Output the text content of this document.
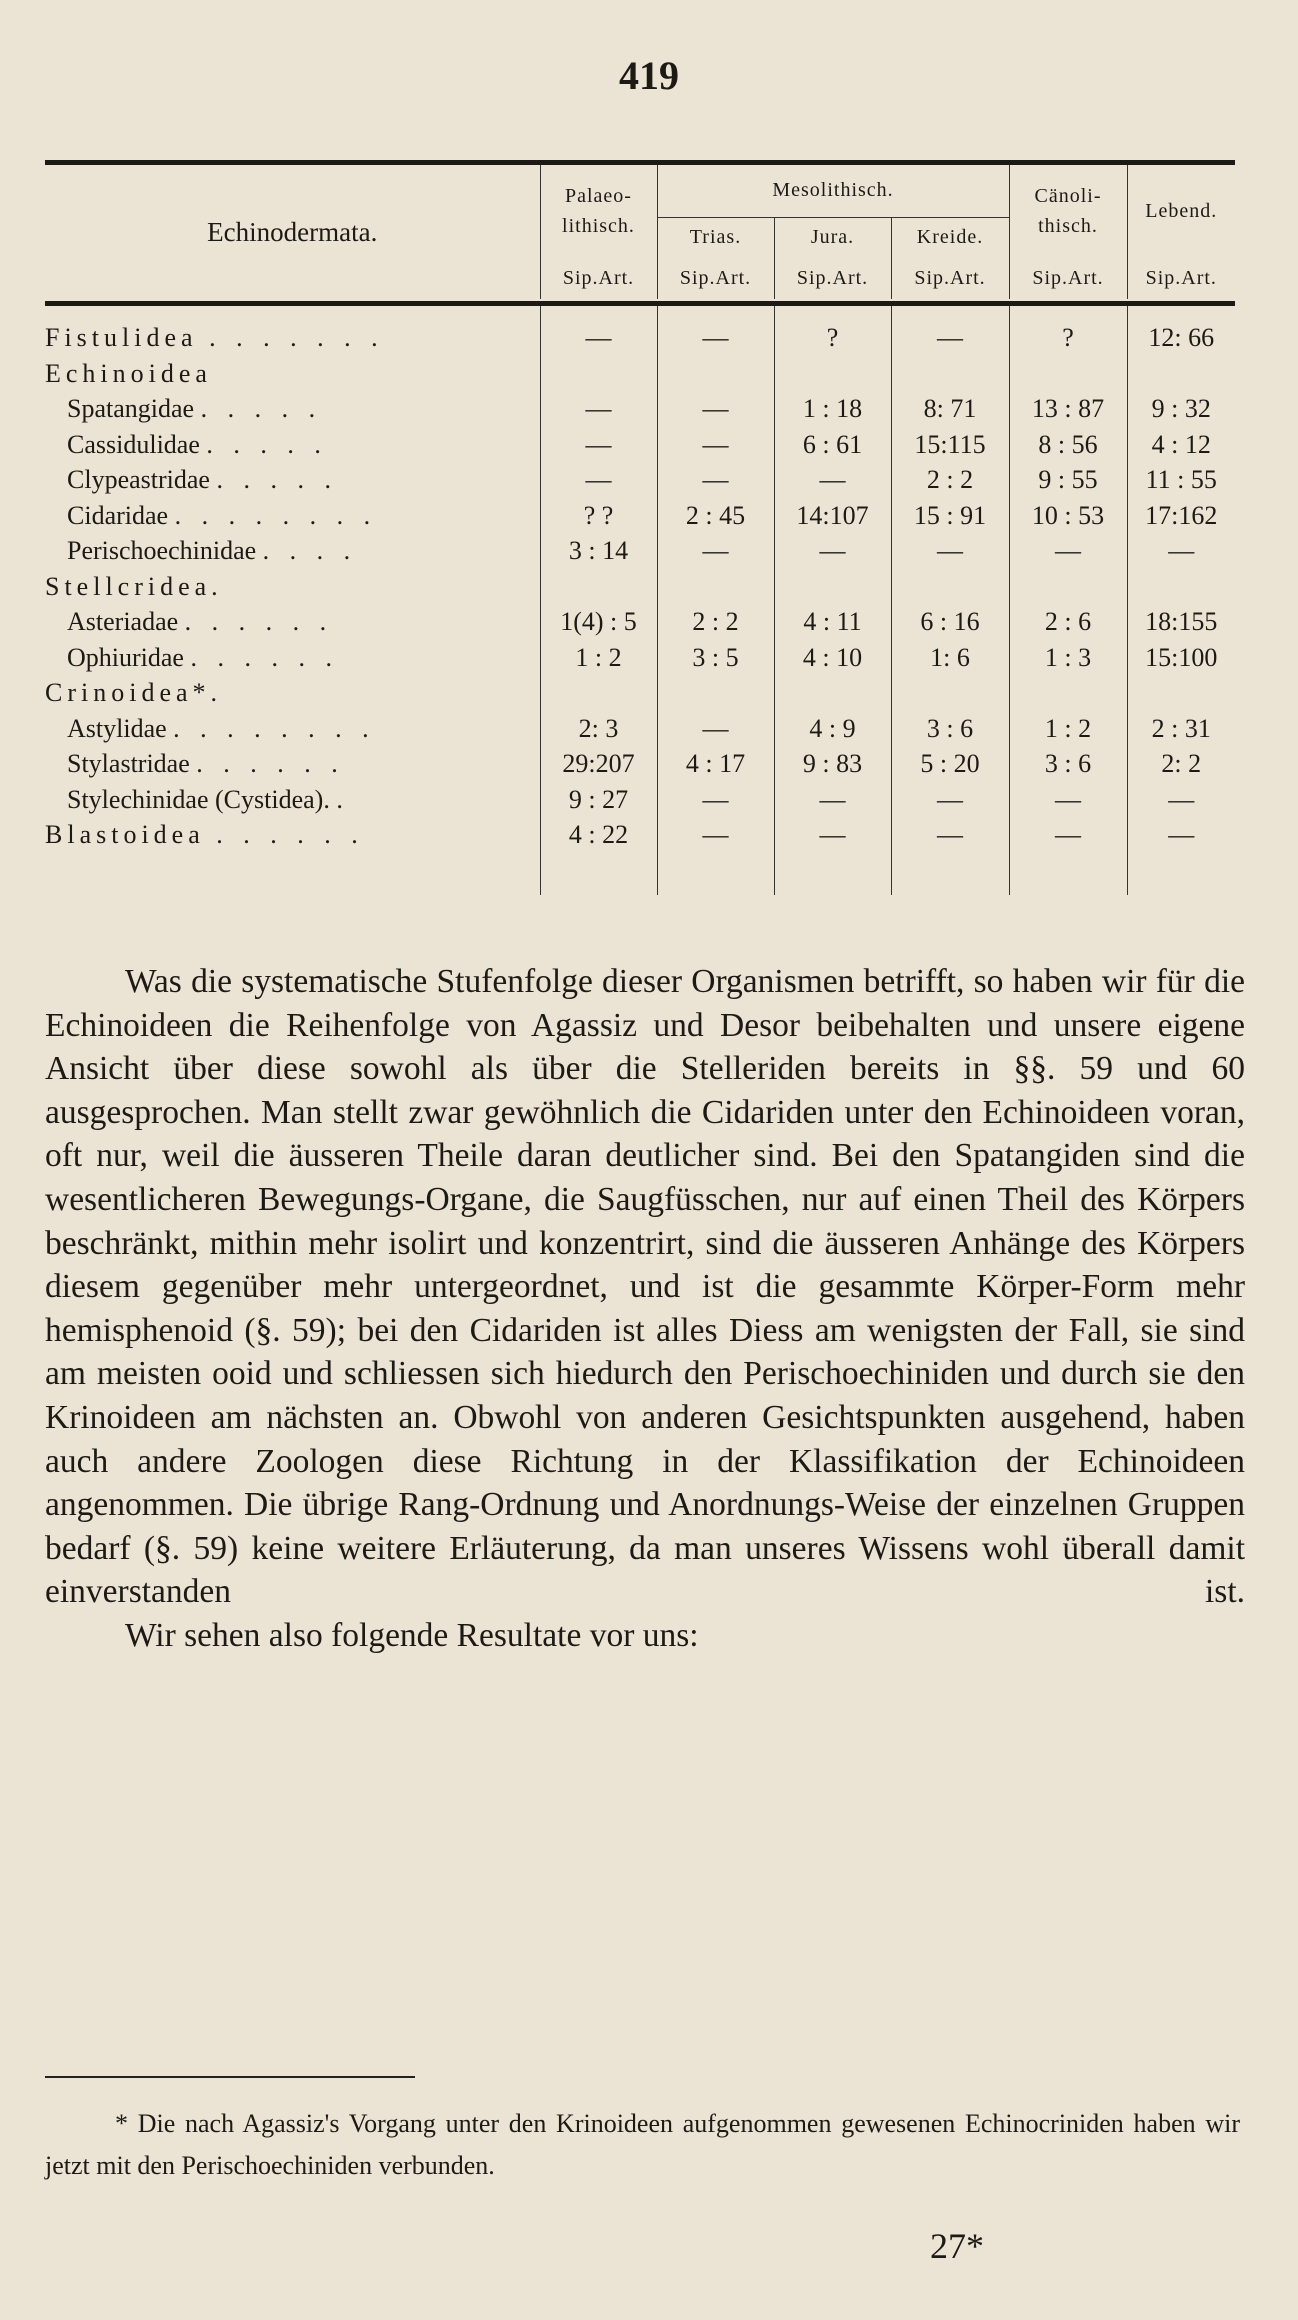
419
Echinodermata.	Palaeo-lithisch.	Mesolithisch.			Cänoli-thisch.	Lebend.
		Trias.	Jura.	Kreide.		
	Sip.Art.	Sip.Art.	Sip.Art.	Sip.Art.	Sip.Art.	Sip.Art.

Fistulidea . . . . . . .	—	—	?	—	?	12: 66
Echinoidea						
Spatangidae . . . . .	—	—	1 : 18	8: 71	13 : 87	9 : 32
Cassidulidae . . . . .	—	—	6 : 61	15:115	8 : 56	4 : 12
Clypeastridae . . . . .	—	—	—	2 : 2	9 : 55	11 : 55
Cidaridae . . . . . . . .	? ?	2 : 45	14:107	15 : 91	10 : 53	17:162
Perischoechinidae . . . .	3 : 14	—	—	—	—	—
Stellcridea.						
Asteriadae . . . . . .	1(4) : 5	2 : 2	4 : 11	6 : 16	2 : 6	18:155
Ophiuridae . . . . . .	1 : 2	3 : 5	4 : 10	1: 6	1 : 3	15:100
Crinoidea*.						
Astylidae . . . . . . . .	2: 3	—	4 : 9	3 : 6	1 : 2	2 : 31
Stylastridae . . . . . .	29:207	4 : 17	9 : 83	5 : 20	3 : 6	2: 2
Stylechinidae (Cystidea). .	9 : 27	—	—	—	—	—
Blastoidea . . . . . .	4 : 22	—	—	—	—	—

Was die systematische Stufenfolge dieser Organismen betrifft, so haben wir für die Echinoideen die Reihenfolge von Agassiz und Desor beibehalten und unsere eigene Ansicht über diese sowohl als über die Stelleriden bereits in §§. 59 und 60 ausgesprochen. Man stellt zwar gewöhnlich die Cidariden unter den Echinoideen voran, oft nur, weil die äusseren Theile daran deutlicher sind. Bei den Spatangiden sind die wesentlicheren Bewegungs-Organe, die Saugfüsschen, nur auf einen Theil des Körpers beschränkt, mithin mehr isolirt und konzentrirt, sind die äusseren Anhänge des Körpers diesem gegenüber mehr untergeordnet, und ist die gesammte Körper-Form mehr hemisphenoid (§. 59); bei den Cidariden ist alles Diess am wenigsten der Fall, sie sind am meisten ooid und schliessen sich hiedurch den Perischoechiniden und durch sie den Krinoideen am nächsten an. Obwohl von anderen Gesichtspunkten ausgehend, haben auch andere Zoologen diese Richtung in der Klassifikation der Echinoideen angenommen. Die übrige Rang-Ordnung und Anordnungs-Weise der einzelnen Gruppen bedarf (§. 59) keine weitere Erläuterung, da man unseres Wissens wohl überall damit einverstanden ist.

Wir sehen also folgende Resultate vor uns:

* Die nach Agassiz's Vorgang unter den Krinoideen aufgenommen gewesenen Echinocriniden haben wir jetzt mit den Perischoechiniden verbunden.

27*
